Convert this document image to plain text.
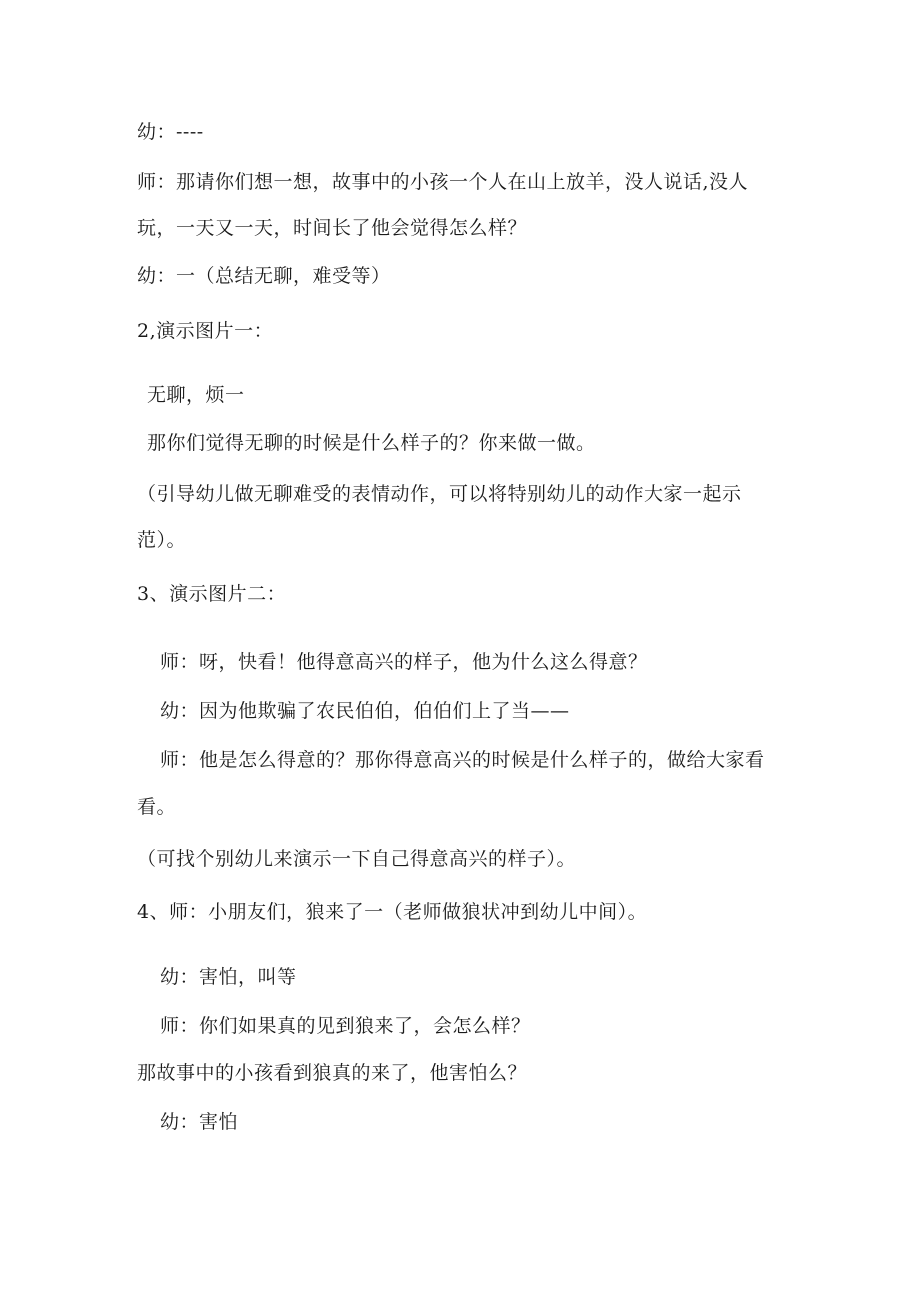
幼：----
师：那请你们想一想，故事中的小孩一个人在山上放羊，没人说话,没人
玩，一天又一天，时间长了他会觉得怎么样？
幼：一（总结无聊，难受等）
2,演示图片一：
无聊，烦一
那你们觉得无聊的时候是什么样子的？你来做一做。
（引导幼儿做无聊难受的表情动作，可以将特别幼儿的动作大家一起示
范）。
3、演示图片二：
师：呀，快看！他得意高兴的样子，他为什么这么得意？
幼：因为他欺骗了农民伯伯，伯伯们上了当——
师：他是怎么得意的？那你得意高兴的时候是什么样子的，做给大家看
看。
（可找个别幼儿来演示一下自己得意高兴的样子）。
4、师：小朋友们，狼来了一（老师做狼状冲到幼儿中间）。
幼：害怕，叫等
师：你们如果真的见到狼来了，会怎么样？
那故事中的小孩看到狼真的来了，他害怕么？
幼：害怕
